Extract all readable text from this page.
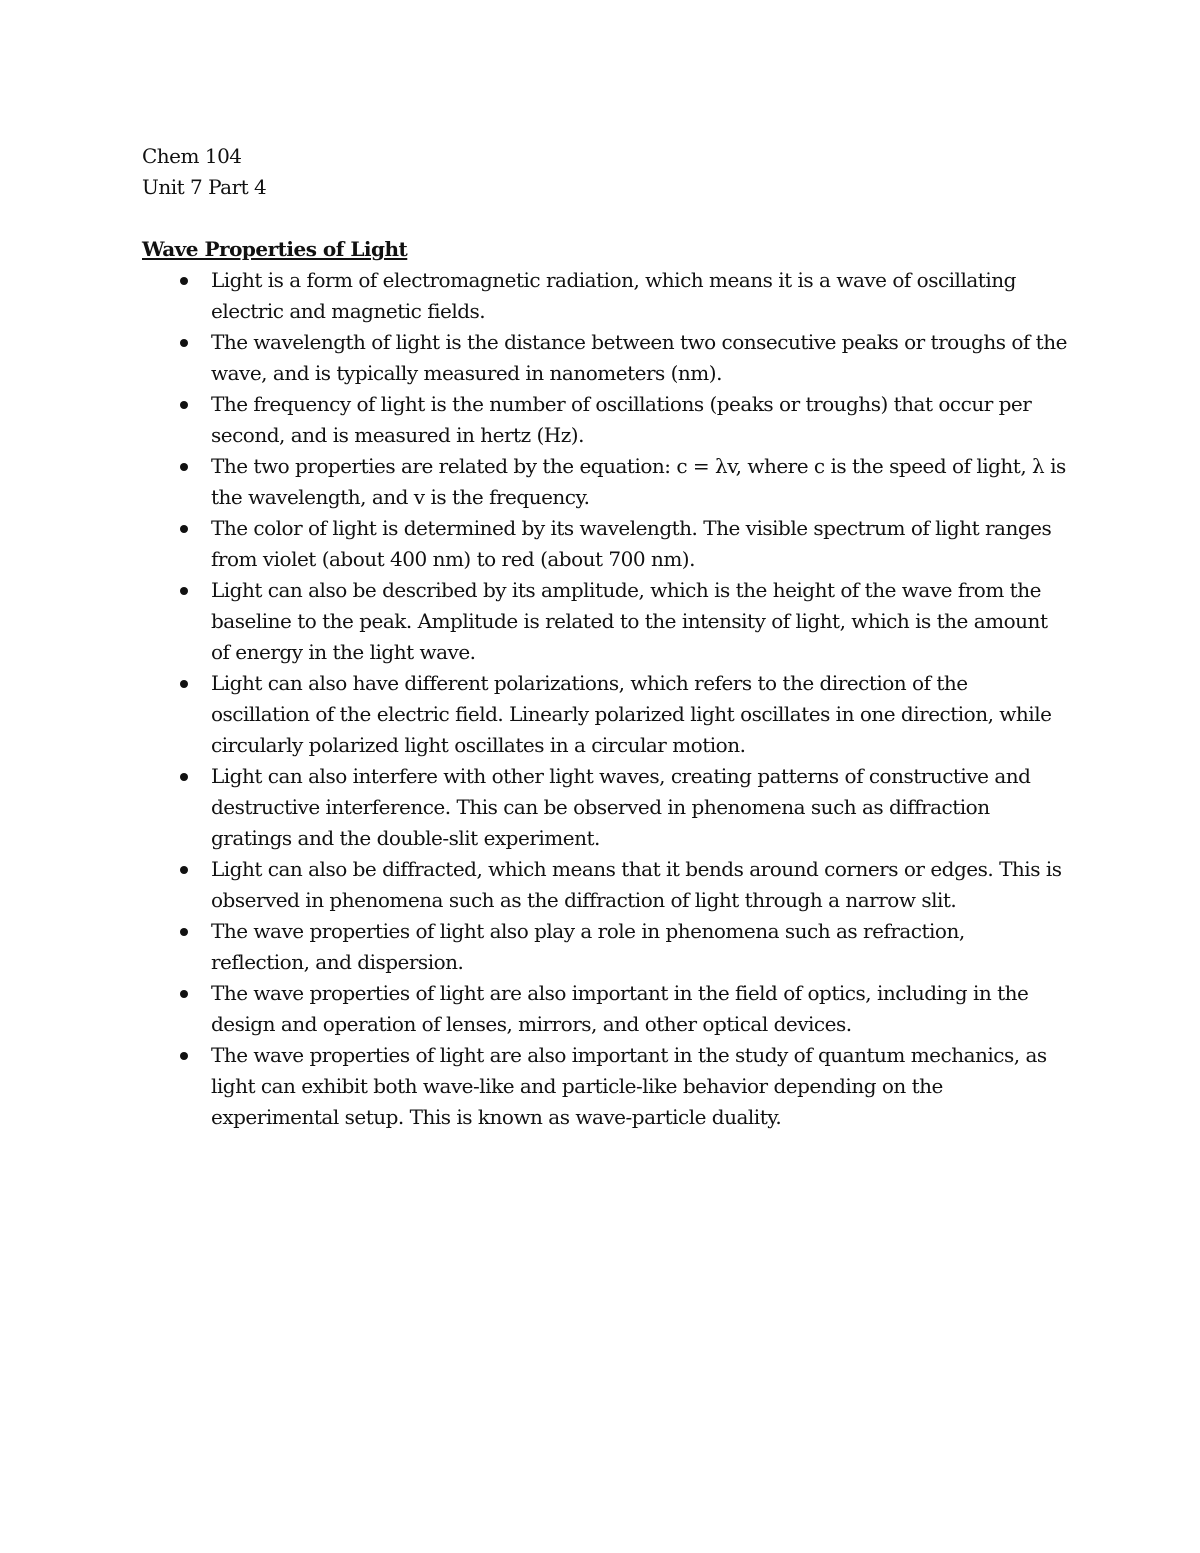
Chem 104

Unit 7 Part 4

Wave Properties of Light

Light is a form of electromagnetic radiation, which means it is a wave of oscillating electric and magnetic fields.
The wavelength of light is the distance between two consecutive peaks or troughs of the wave, and is typically measured in nanometers (nm).
The frequency of light is the number of oscillations (peaks or troughs) that occur per second, and is measured in hertz (Hz).
The two properties are related by the equation: c = λv, where c is the speed of light, λ is the wavelength, and v is the frequency.
The color of light is determined by its wavelength. The visible spectrum of light ranges from violet (about 400 nm) to red (about 700 nm).
Light can also be described by its amplitude, which is the height of the wave from the baseline to the peak. Amplitude is related to the intensity of light, which is the amount of energy in the light wave.
Light can also have different polarizations, which refers to the direction of the oscillation of the electric field. Linearly polarized light oscillates in one direction, while circularly polarized light oscillates in a circular motion.
Light can also interfere with other light waves, creating patterns of constructive and destructive interference. This can be observed in phenomena such as diffraction gratings and the double-slit experiment.
Light can also be diffracted, which means that it bends around corners or edges. This is observed in phenomena such as the diffraction of light through a narrow slit.
The wave properties of light also play a role in phenomena such as refraction, reflection, and dispersion.
The wave properties of light are also important in the field of optics, including in the design and operation of lenses, mirrors, and other optical devices.
The wave properties of light are also important in the study of quantum mechanics, as light can exhibit both wave-like and particle-like behavior depending on the experimental setup. This is known as wave-particle duality.
